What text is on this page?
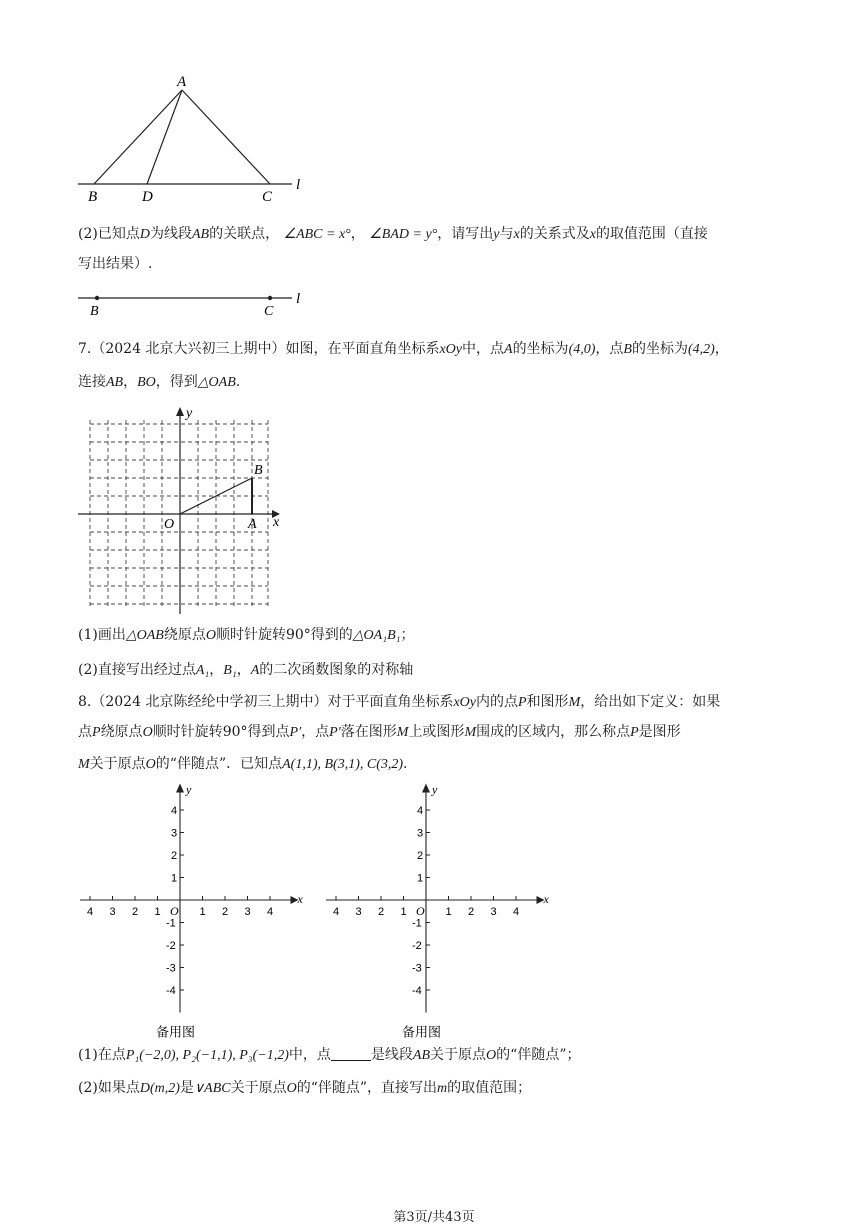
A
B	D	C
l
(2)已知点D为线段AB的关联点， ∠ABC = x°， ∠BAD = y°，请写出y与x的关系式及x的取值范围（直接
写出结果）.
B	C
l
7.（2024 北京大兴初三上期中）如图，在平面直角坐标系xOy中，点A的坐标为(4,0)，点B的坐标为(4,2)，
连接AB，BO，得到△OAB.
y
x
O	A
B
(1)画出△OAB绕原点O顺时针旋转90°得到的△OA₁B₁；
(2)直接写出经过点A₁，B₁，A的二次函数图象的对称轴
8.（2024 北京陈经纶中学初三上期中）对于平面直角坐标系xOy内的点P和图形M，给出如下定义：如果
点P绕原点O顺时针旋转90°得到点P′，点P′落在图形M上或图形M围成的区域内，那么称点P是图形
M关于原点O的“伴随点”．已知点A(1,1), B(3,1), C(3,2).
y
x
O
4 3 2 1	1 2 3 4
4
3
2
1
-1
-2
-3
-4
备用图
y
x
O
4 3 2 1	1 2 3 4
4
3
2
1
-1
-2
-3
-4
备用图
(1)在点P₁(−2,0), P₂(−1,1), P₃(−1,2)中，点	是线段AB关于原点O的“伴随点”；
(2)如果点D(m,2)是∨ABC关于原点O的“伴随点”，直接写出m的取值范围；
第3页/共43页
